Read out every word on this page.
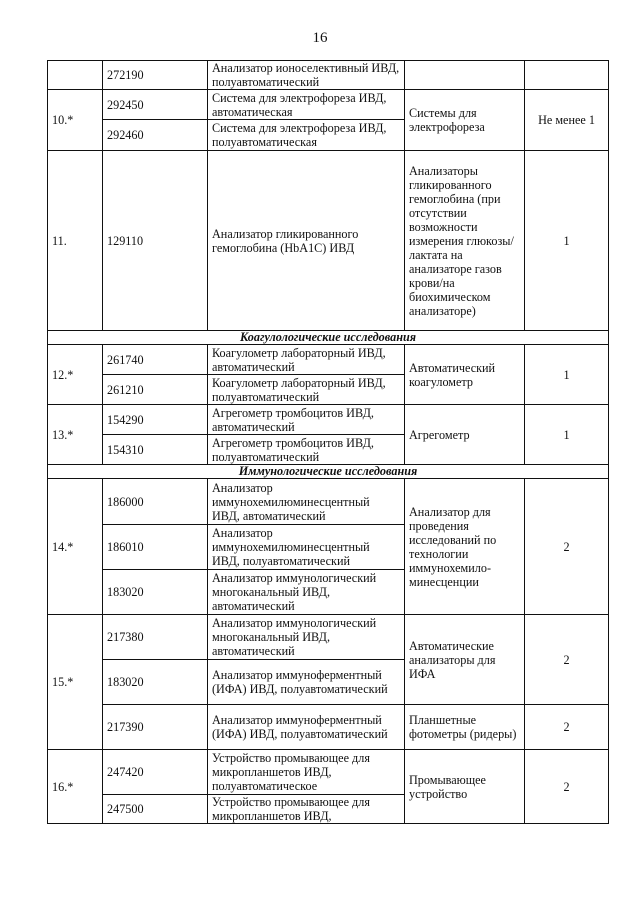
16
	272190	Анализатор ионоселективный ИВД, полуавтоматический		
10.*	292450	Система для электрофореза ИВД, автоматическая	Системы для электрофореза	Не менее 1
	292460	Система для электрофореза ИВД, полуавтоматическая		
11.	129110	Анализатор гликированного гемоглобина (HbA1C) ИВД	Анализаторы гликированного гемоглобина (при отсутствии возможности измерения глюкозы/ лактата на анализаторе газов крови/на биохимическом анализаторе)	1
Коагулологические исследования				
12.*	261740	Коагулометр лабораторный ИВД, автоматический	Автоматический коагулометр	1
	261210	Коагулометр лабораторный ИВД, полуавтоматический		
13.*	154290	Агрегометр тромбоцитов ИВД, автоматический	Агрегометр	1
	154310	Агрегометр тромбоцитов ИВД, полуавтоматический		
Иммунологические исследования				
14.*	186000	Анализатор иммунохемилюминесцентный ИВД, автоматический	Анализатор для проведения исследований по технологии иммунохемило-минесценции	2
	186010	Анализатор иммунохемилюминесцентный ИВД, полуавтоматический		
	183020	Анализатор иммунологический многоканальный ИВД, автоматический		
15.*	217380	Анализатор иммунологический многоканальный ИВД, автоматический	Автоматические анализаторы для ИФА	2
	183020	Анализатор иммуноферментный (ИФА) ИВД, полуавтоматический		
	217390	Анализатор иммуноферментный (ИФА) ИВД, полуавтоматический	Планшетные фотометры (ридеры)	2
16.*	247420	Устройство промывающее для микропланшетов ИВД, полуавтоматическое	Промывающее устройство	2
	247500	Устройство промывающее для микропланшетов ИВД,		
